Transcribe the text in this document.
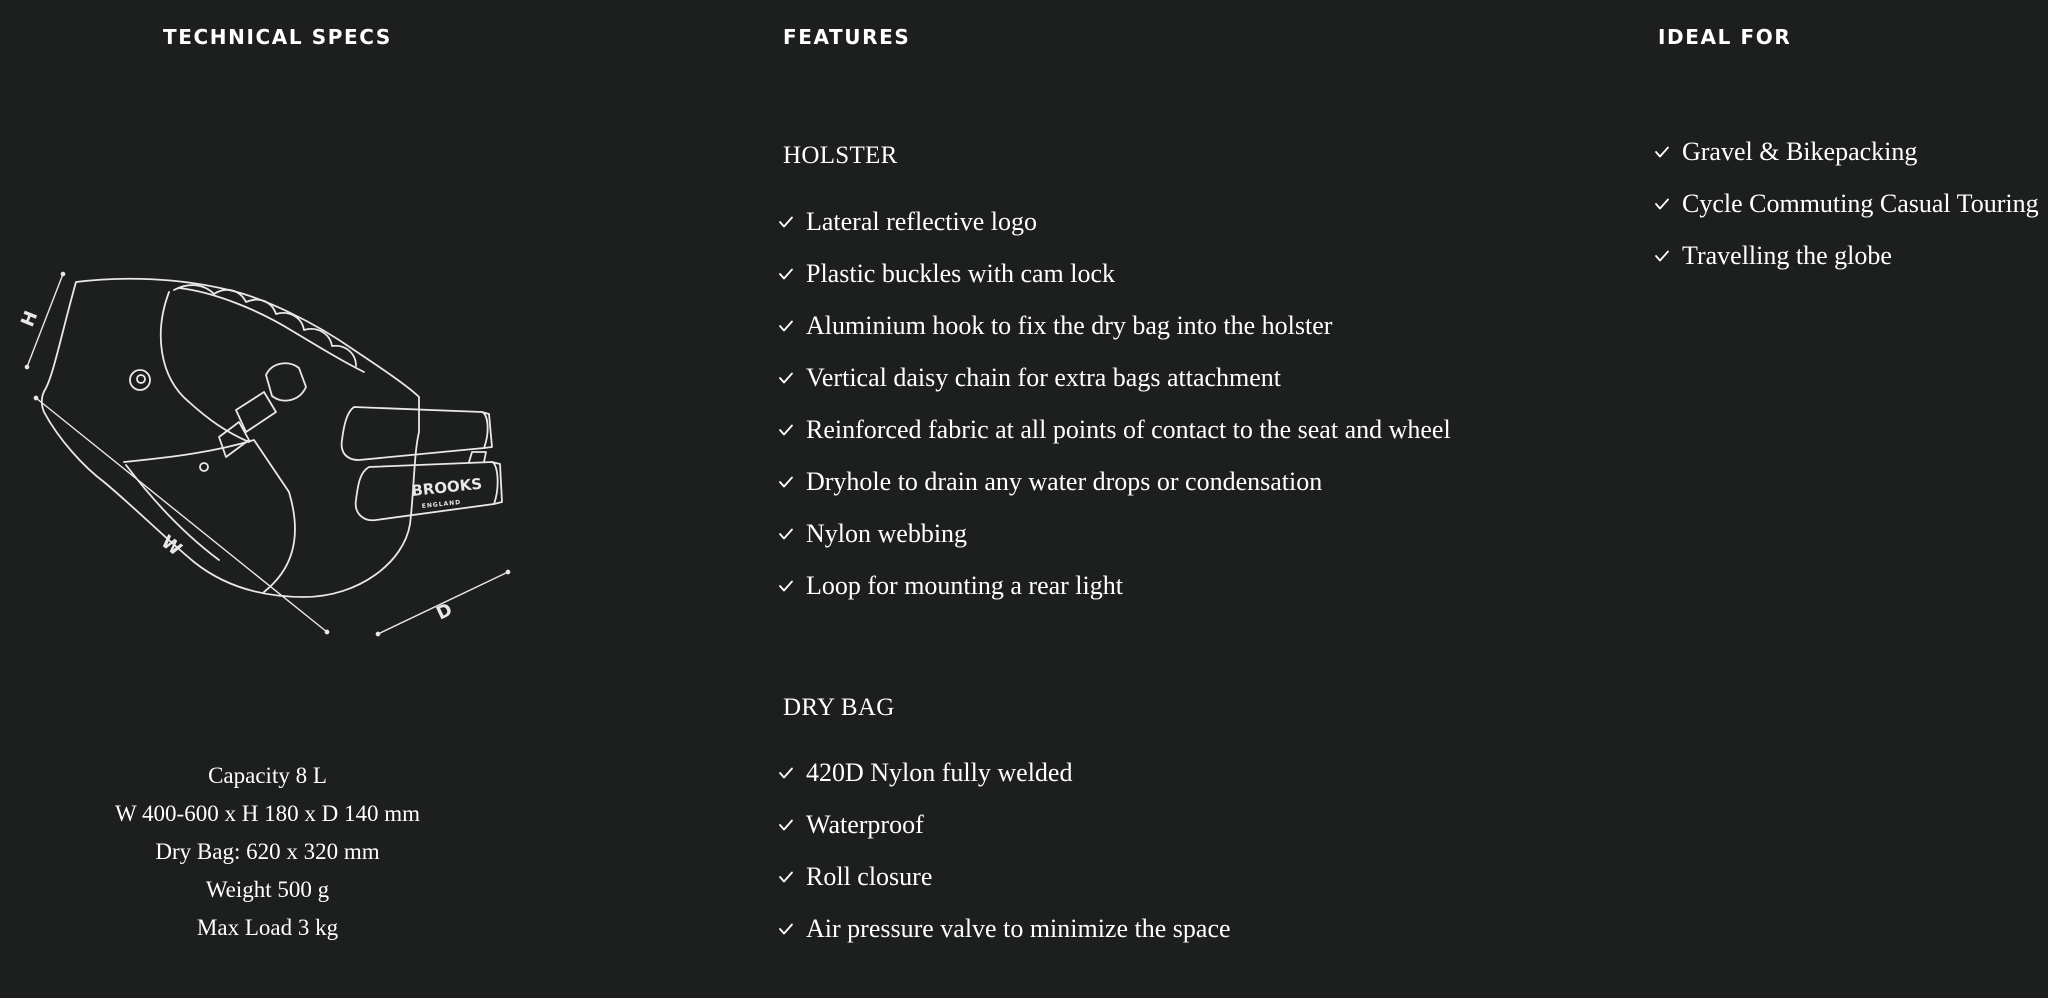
TECHNICAL SPECS	FEATURES	IDEAL FOR
BROOKS
ENGLAND
H
W
D
Capacity 8 L
W 400-600 x H 180 x D 140 mm
Dry Bag: 620 x 320 mm
Weight 500 g
Max Load 3 kg
HOLSTER
Lateral reflective logo
Plastic buckles with cam lock
Aluminium hook to fix the dry bag into the holster
Vertical daisy chain for extra bags attachment
Reinforced fabric at all points of contact to the seat and wheel
Dryhole to drain any water drops or condensation
Nylon webbing
Loop for mounting a rear light
DRY BAG
420D Nylon fully welded
Waterproof
Roll closure
Air pressure valve to minimize the space
Gravel & Bikepacking
Cycle Commuting Casual Touring
Travelling the globe
